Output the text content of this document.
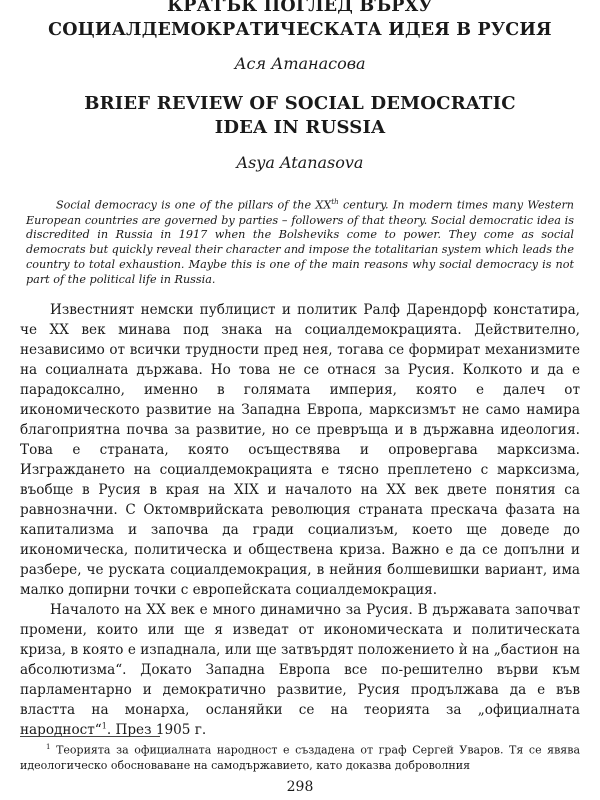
КРАТЪК ПОГЛЕД ВЪРХУ
СОЦИАЛДЕМОКРАТИЧЕСКАТА ИДЕЯ В РУСИЯ
Ася Атанасова
BRIEF REVIEW OF SOCIAL DEMOCRATIC
IDEA IN RUSSIA
Asya Atanasova
Social democracy is one of the pillars of the XXth century. In modern times many Western European countries are governed by parties – followers of that theory. Social democratic idea is discredited in Russia in 1917 when the Bolsheviks come to power. They come as social democrats but quickly reveal their character and impose the totalitarian system which leads the country to total exhaustion. Maybe this is one of the main reasons why social democracy is not part of the political life in Russia.

Известният немски публицист и политик Ралф Дарендорф констатира, че XX век минава под знака на социалдемокрацията. Действително, независимо от всички трудности пред нея, тогава се формират механизмите на социалната държава. Но това не се отнася за Русия. Колкото и да е парадоксално, именно в голямата империя, която е далеч от икономическото развитие на Западна Европа, марксизмът не само намира благоприятна почва за развитие, но се превръща и в държавна идеология. Това е страната, която осъществява и опровергава марксизма. Изграждането на социалдемокрацията е тясно преплетено с марксизма, въобще в Русия в края на XIX и началото на XX век двете понятия са равнозначни. С Октомврийската революция страната прескача фазата на капитализма и започва да гради социализъм, което ще доведе до икономическа, политическа и обществена криза. Важно е да се допълни и разбере, че руската социалдемокрация, в нейния болшевишки вариант, има малко допирни точки с европейската социалдемокрация.

Началото на XX век е много динамично за Русия. В държавата започват промени, които или ще я изведат от икономическата и политическата криза, в която е изпаднала, или ще затвърдят положението ѝ на „бастион на абсолютизма“. Докато Западна Европа все по-решително върви към парламентарно и демократично развитие, Русия продължава да е във властта на монарха, осланяйки се на теорията за „официалната народност“$^1$. През 1905 г.

$^1$ Теорията за официалната народност е създадена от граф Сергей Уваров. Тя се явява идеологическо обосноваване на самодържавието, като доказва доброволния
298
